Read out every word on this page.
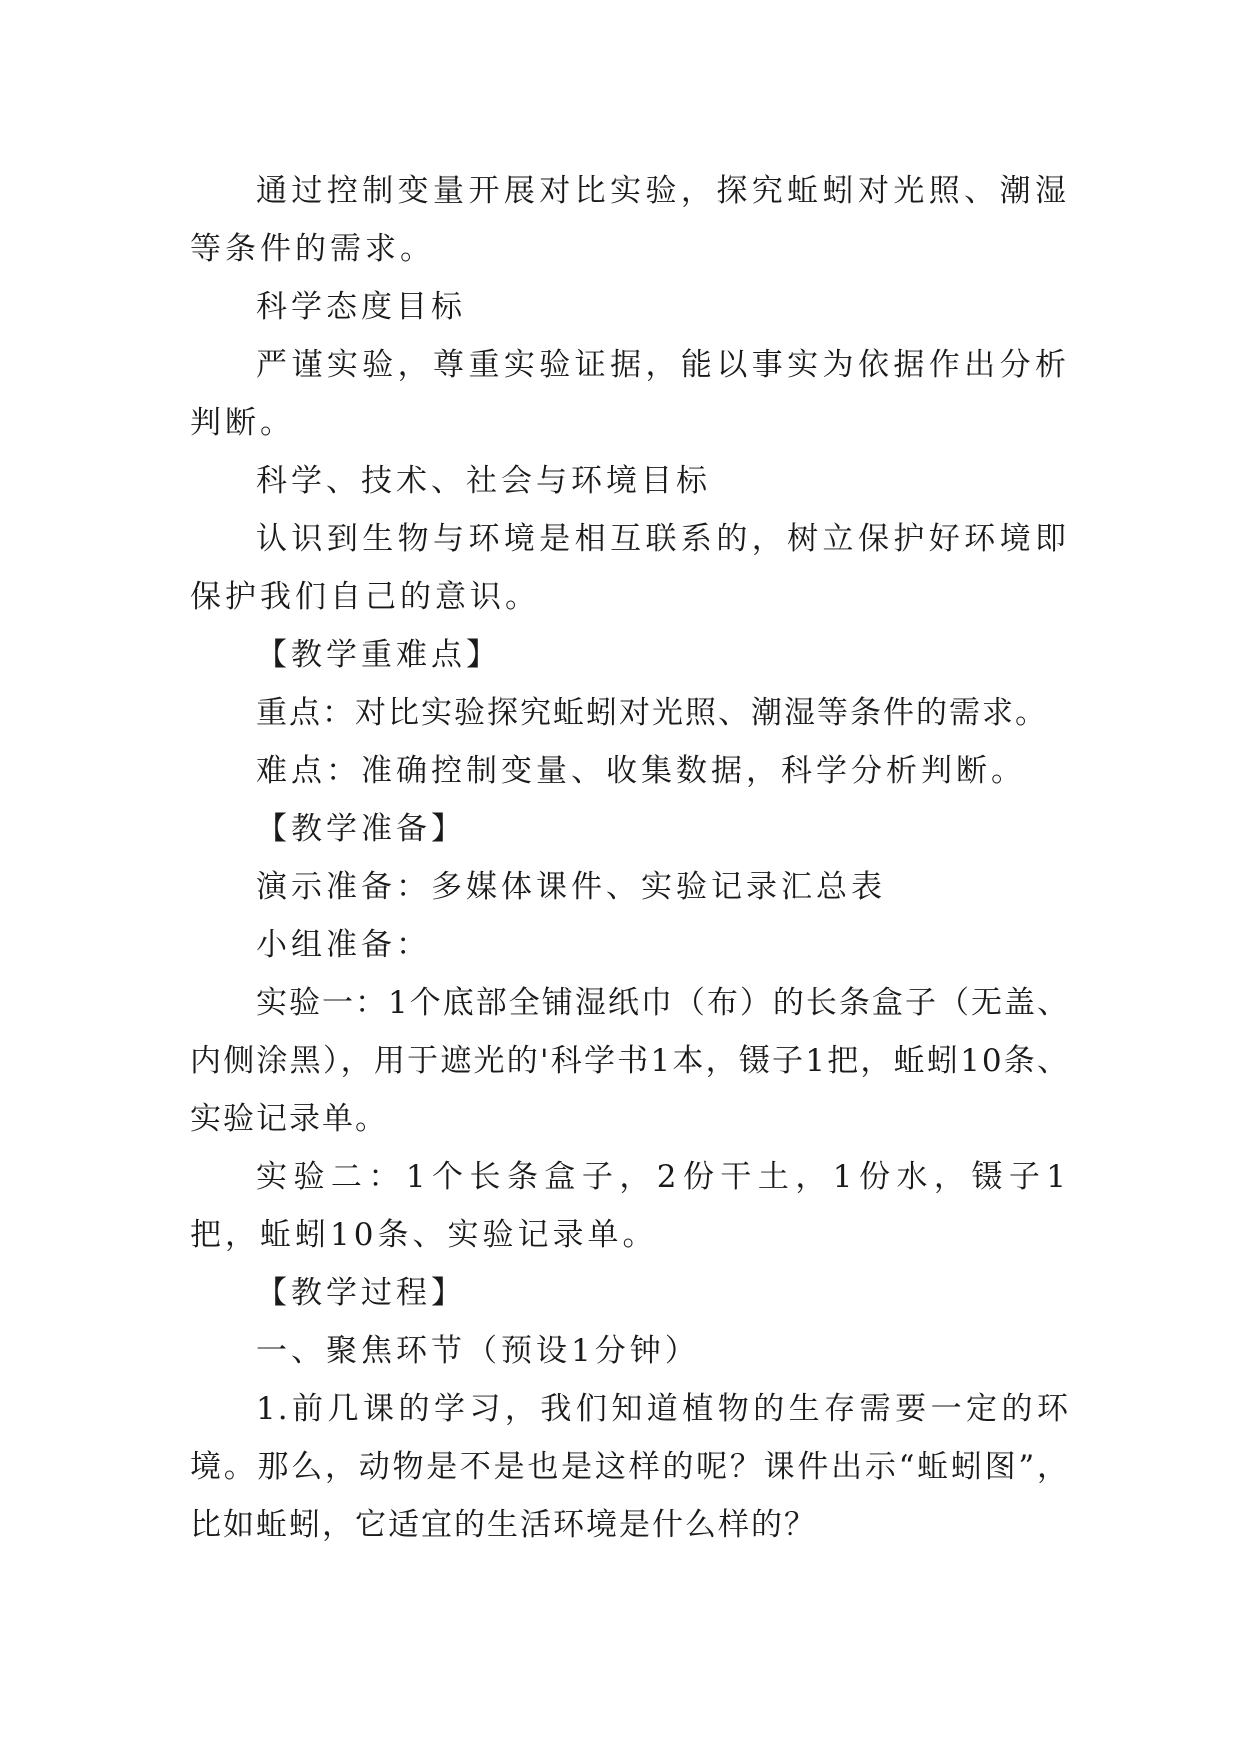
通过控制变量开展对比实验，探究蚯蚓对光照、潮湿等条件的需求。

科学态度目标

严谨实验，尊重实验证据，能以事实为依据作出分析判断。

科学、技术、社会与环境目标

认识到生物与环境是相互联系的，树立保护好环境即保护我们自己的意识。

【教学重难点】

重点：对比实验探究蚯蚓对光照、潮湿等条件的需求。

难点：准确控制变量、收集数据，科学分析判断。

【教学准备】

演示准备：多媒体课件、实验记录汇总表

小组准备：

实验一：1个底部全铺湿纸巾（布）的长条盒子（无盖、内侧涂黑），用于遮光的'科学书1本，镊子1把，蚯蚓10条、实验记录单。

实验二：1个长条盒子，2份干土，1份水，镊子1把，蚯蚓10条、实验记录单。

【教学过程】

一、聚焦环节（预设1分钟）

1.前几课的学习，我们知道植物的生存需要一定的环境。那么，动物是不是也是这样的呢？课件出示“蚯蚓图”，比如蚯蚓，它适宜的生活环境是什么样的？
